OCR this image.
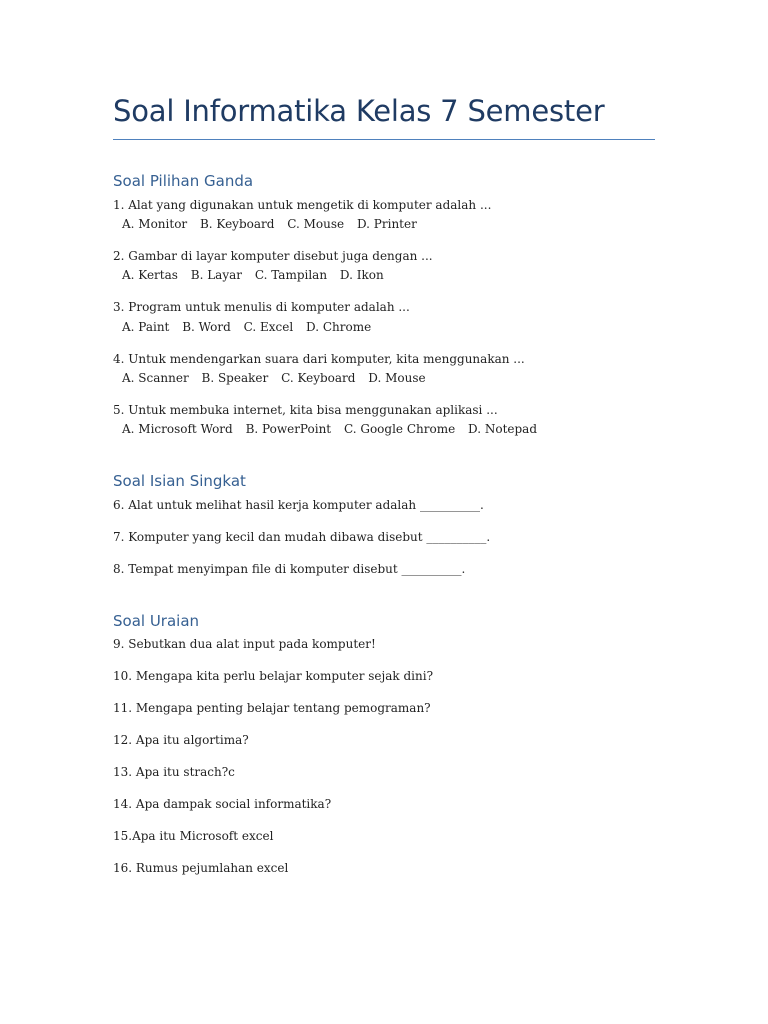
Soal Informatika Kelas 7 Semester
Soal Pilihan Ganda
1. Alat yang digunakan untuk mengetik di komputer adalah ...
A. Monitor B. Keyboard C. Mouse D. Printer
2. Gambar di layar komputer disebut juga dengan ...
A. Kertas B. Layar C. Tampilan D. Ikon
3. Program untuk menulis di komputer adalah ...
A. Paint B. Word C. Excel D. Chrome
4. Untuk mendengarkan suara dari komputer, kita menggunakan ...
A. Scanner B. Speaker C. Keyboard D. Mouse
5. Untuk membuka internet, kita bisa menggunakan aplikasi ...
A. Microsoft Word B. PowerPoint C. Google Chrome D. Notepad
Soal Isian Singkat
6. Alat untuk melihat hasil kerja komputer adalah __________.
7. Komputer yang kecil dan mudah dibawa disebut __________.
8. Tempat menyimpan file di komputer disebut __________.
Soal Uraian
9. Sebutkan dua alat input pada komputer!
10. Mengapa kita perlu belajar komputer sejak dini?
11. Mengapa penting belajar tentang pemograman?
12. Apa itu algortima?
13. Apa itu strach?c
14. Apa dampak social informatika?
15.Apa itu Microsoft excel
16. Rumus pejumlahan excel
